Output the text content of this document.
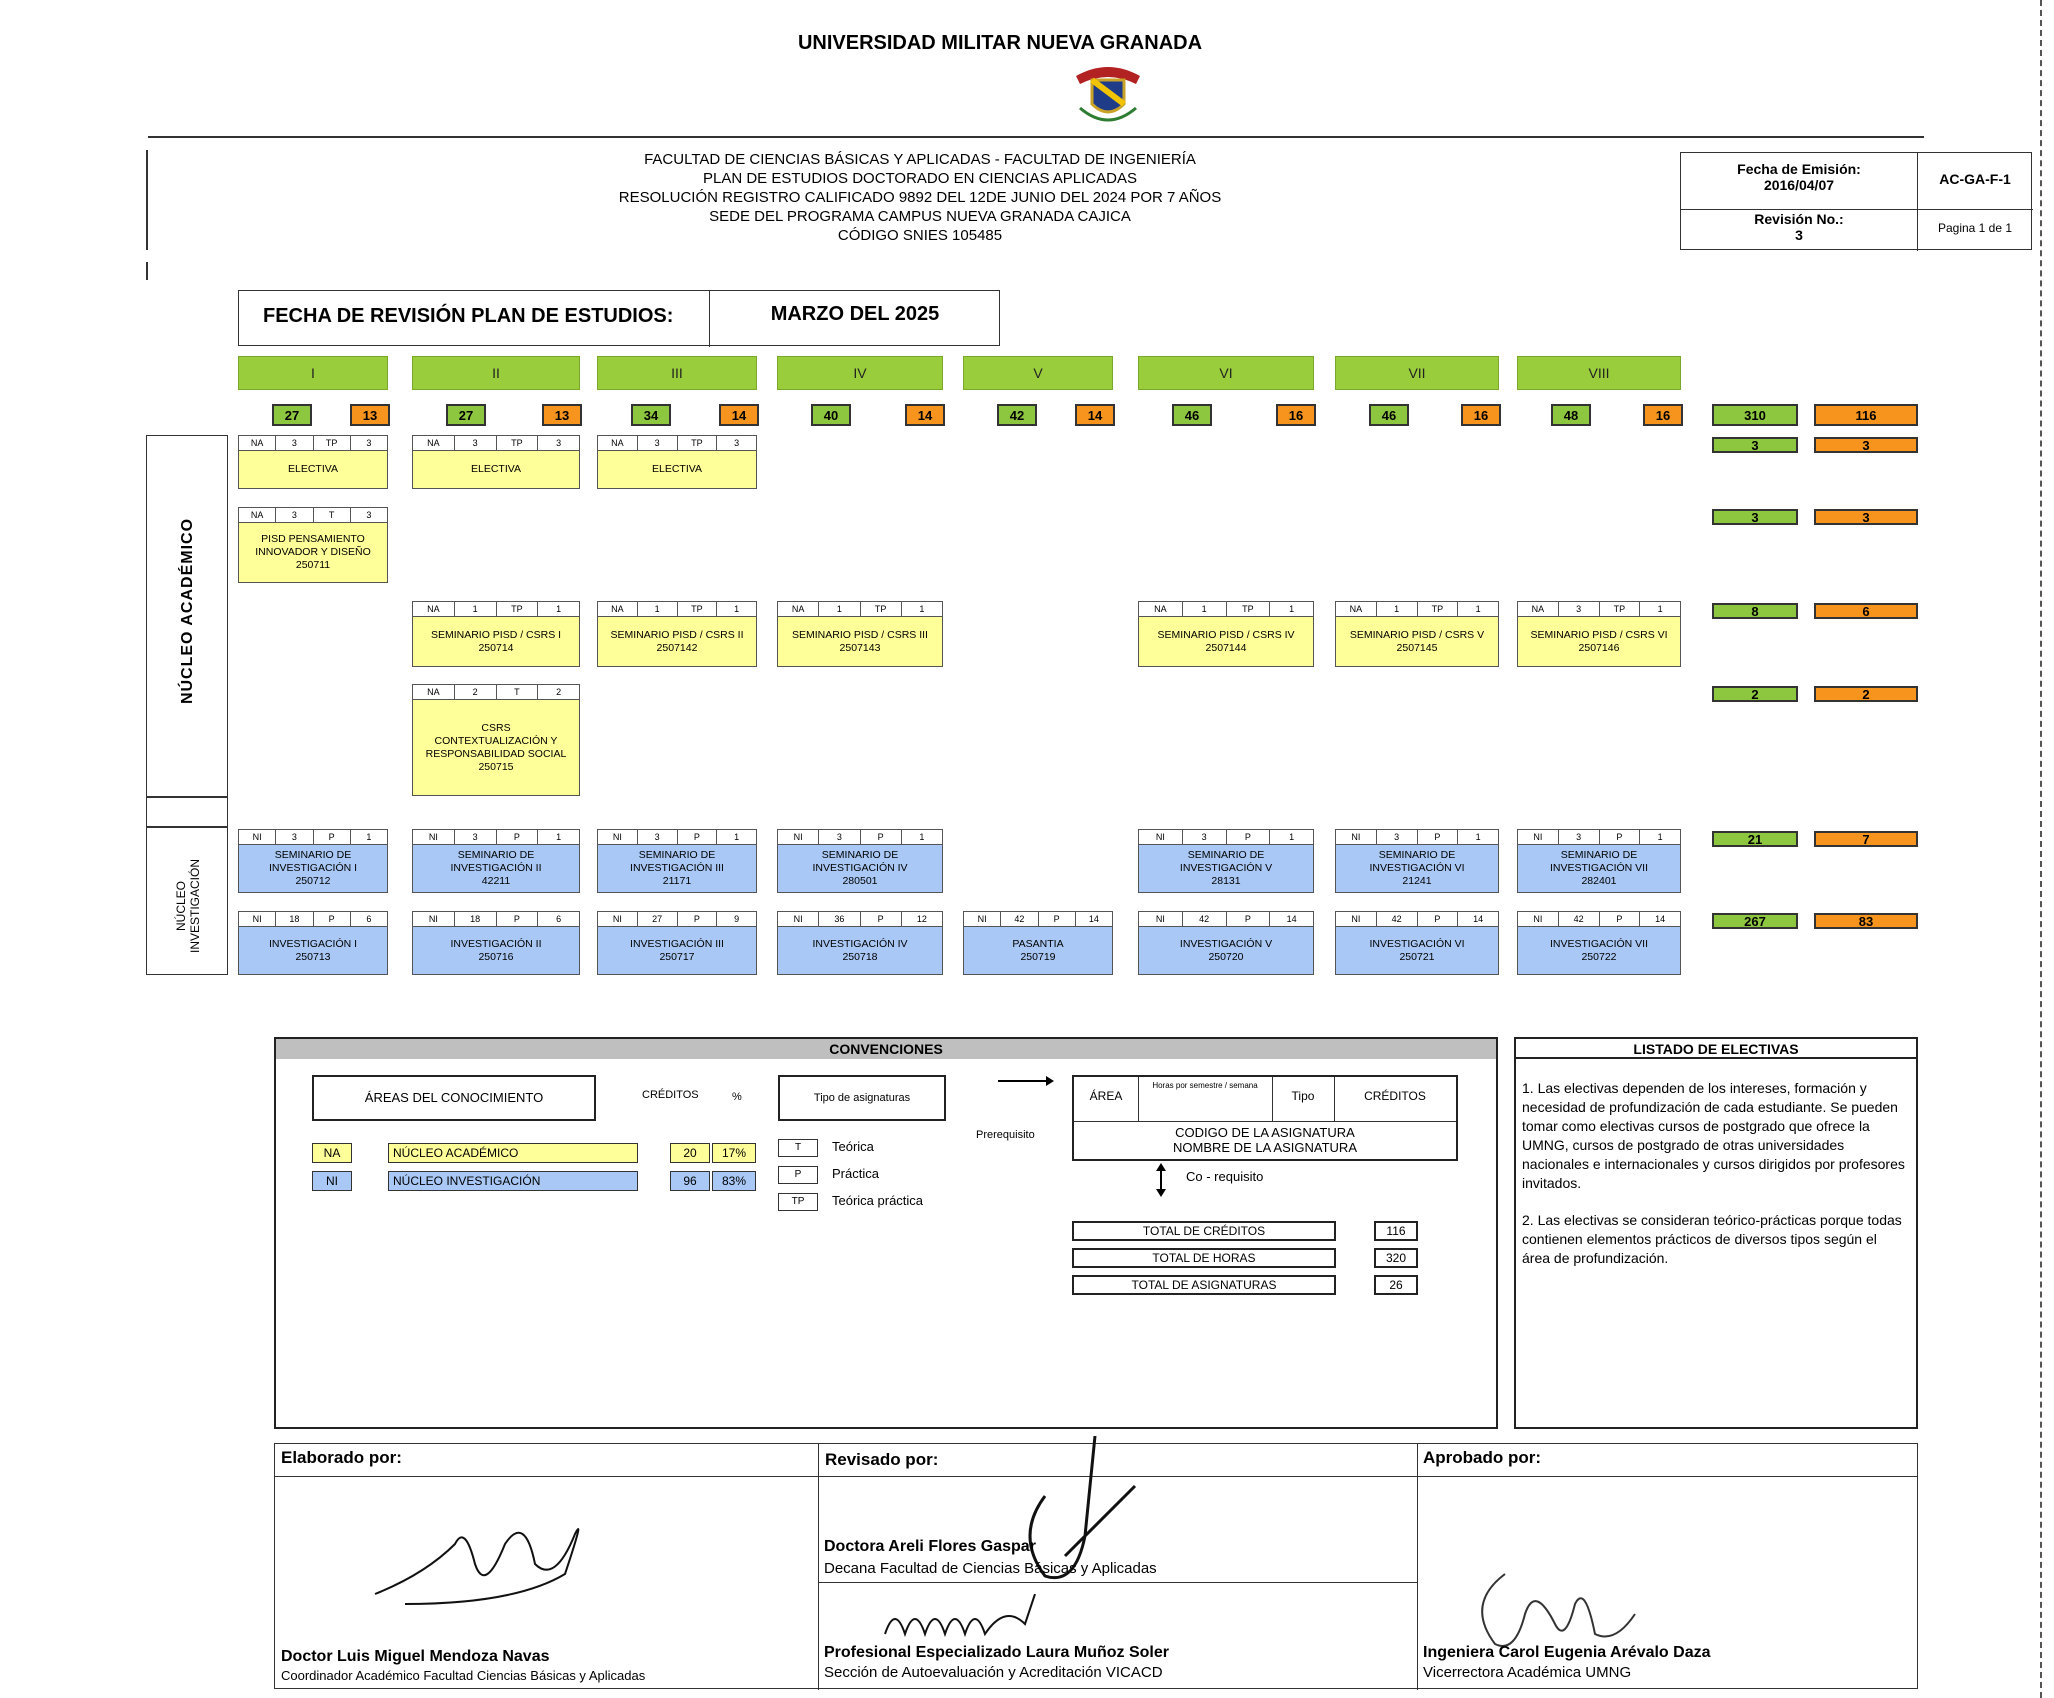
UNIVERSIDAD MILITAR NUEVA GRANADA
FACULTAD DE CIENCIAS BÁSICAS Y APLICADAS - FACULTAD DE INGENIERÍA
PLAN DE ESTUDIOS DOCTORADO EN CIENCIAS APLICADAS
RESOLUCIÓN REGISTRO CALIFICADO 9892 DEL 12DE JUNIO DEL 2024 POR 7 AÑOS
SEDE DEL PROGRAMA CAMPUS NUEVA GRANADA CAJICA
CÓDIGO SNIES 105485
Fecha de Emisión:
2016/04/07
Revisión No.:
3
AC-GA-F-1
Pagina 1 de 1
FECHA DE REVISIÓN PLAN DE ESTUDIOS:	MARZO DEL 2025
NÚCLEO ACADÉMICO
NÚCLEO INVESTIGACIÓN
I
27	13
II
27	13
III
34	14
IV
40	14
V
42	14
VI
46	16
VII
46	16
VIII
48	16	310	116
3	3
NA	3	TP	3
ELECTIVA
NA	3	TP	3
ELECTIVA
NA	3	TP	3
ELECTIVA
3	3
NA	3	T	3
PISD PENSAMIENTO
INNOVADOR Y DISEÑO
250711
8	6
NA	1	TP	1
SEMINARIO PISD / CSRS I
250714
NA	1	TP	1
SEMINARIO PISD / CSRS II
2507142
NA	1	TP	1
SEMINARIO PISD / CSRS III
2507143
NA	1	TP	1
SEMINARIO PISD / CSRS IV
2507144
NA	1	TP	1
SEMINARIO PISD / CSRS V
2507145
NA	3	TP	1
SEMINARIO PISD / CSRS VI
2507146
2	2
NA	2	T	2
CSRS
CONTEXTUALIZACIÓN Y
RESPONSABILIDAD SOCIAL
250715
21	7
NI	3	P	1
SEMINARIO DE
INVESTIGACIÓN I
250712
NI	3	P	1
SEMINARIO DE
INVESTIGACIÓN II
42211
NI	3	P	1
SEMINARIO DE
INVESTIGACIÓN III
21171
NI	3	P	1
SEMINARIO DE
INVESTIGACIÓN IV
280501
NI	3	P	1
SEMINARIO DE
INVESTIGACIÓN V
28131
NI	3	P	1
SEMINARIO DE
INVESTIGACIÓN VI
21241
NI	3	P	1
SEMINARIO DE
INVESTIGACIÓN VII
282401
267	83
NI	18	P	6
INVESTIGACIÓN I
250713
NI	18	P	6
INVESTIGACIÓN II
250716
NI	27	P	9
INVESTIGACIÓN III
250717
NI	36	P	12
INVESTIGACIÓN IV
250718
NI	42	P	14
PASANTIA
250719
NI	42	P	14
INVESTIGACIÓN V
250720
NI	42	P	14
INVESTIGACIÓN VI
250721
NI	42	P	14
INVESTIGACIÓN VII
250722
CONVENCIONES
ÁREAS DEL CONOCIMIENTO	CRÉDITOS	%	Tipo de asignaturas
NA	NÚCLEO ACADÉMICO	20	17%
NI	NÚCLEO INVESTIGACIÓN	96	83%
T	Teórica
P	Práctica
TP	Teórica práctica
Prerequisito
ÁREA
Horas por semestre / semana
Tipo	CRÉDITOS
CODIGO DE LA ASIGNATURA
NOMBRE DE LA ASIGNATURA
Co - requisito
TOTAL DE CRÉDITOS	116
TOTAL DE HORAS	320
TOTAL DE ASIGNATURAS	26
LISTADO DE ELECTIVAS
1. Las electivas dependen de los intereses, formación y necesidad de profundización de cada estudiante. Se pueden tomar como electivas cursos de postgrado que ofrece la UMNG, cursos de postgrado de otras universidades nacionales e internacionales y cursos dirigidos por profesores invitados.
2. Las electivas se consideran teórico-prácticas porque todas contienen elementos prácticos de diversos tipos según el área de profundización.
Elaborado por:	Revisado por:	Aprobado por:
Doctor Luis Miguel Mendoza Navas
Coordinador Académico Facultad Ciencias Básicas y Aplicadas
Doctora Areli Flores Gaspar
Decana Facultad de Ciencias Básicas y Aplicadas
Profesional Especializado Laura Muñoz Soler
Sección de Autoevaluación y Acreditación VICACD
Ingeniera Carol Eugenia Arévalo Daza
Vicerrectora Académica UMNG
